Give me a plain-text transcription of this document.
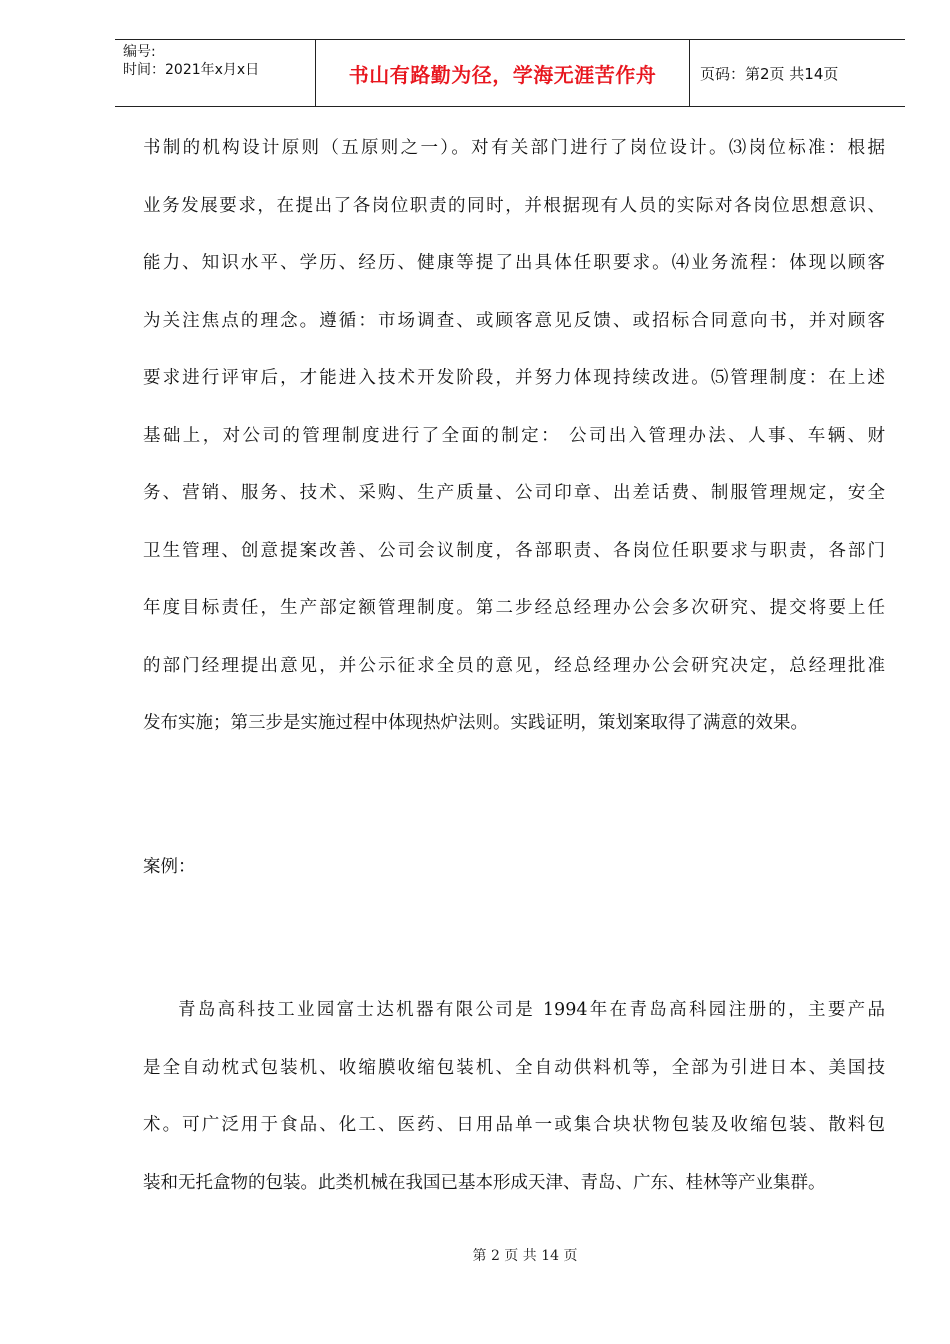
编号:
时间：2021年x月x日	书山有路勤为径，学海无涯苦作舟	页码：第2页 共14页
书制的机构设计原则（五原则之一）。对有关部门进行了岗位设计。⑶岗位标准：根据
业务发展要求，在提出了各岗位职责的同时，并根据现有人员的实际对各岗位思想意识、
能力、知识水平、学历、经历、健康等提了出具体任职要求。⑷业务流程：体现以顾客
为关注焦点的理念。遵循：市场调查、或顾客意见反馈、或招标合同意向书，并对顾客
要求进行评审后，才能进入技术开发阶段，并努力体现持续改进。⑸管理制度：在上述
基础上，对公司的管理制度进行了全面的制定： 公司出入管理办法、人事、车辆、财
务、营销、服务、技术、采购、生产质量、公司印章、出差话费、制服管理规定，安全
卫生管理、创意提案改善、公司会议制度，各部职责、各岗位任职要求与职责，各部门
年度目标责任，生产部定额管理制度。第二步经总经理办公会多次研究、提交将要上任
的部门经理提出意见，并公示征求全员的意见，经总经理办公会研究决定，总经理批准
发布实施；第三步是实施过程中体现热炉法则。实践证明，策划案取得了满意的效果。
案例：
青岛高科技工业园富士达机器有限公司是 1994年在青岛高科园注册的，主要产品
是全自动枕式包装机、收缩膜收缩包装机、全自动供料机等，全部为引进日本、美国技
术。可广泛用于食品、化工、医药、日用品单一或集合块状物包装及收缩包装、散料包
装和无托盒物的包装。此类机械在我国已基本形成天津、青岛、广东、桂林等产业集群。
第 2 页 共 14 页
